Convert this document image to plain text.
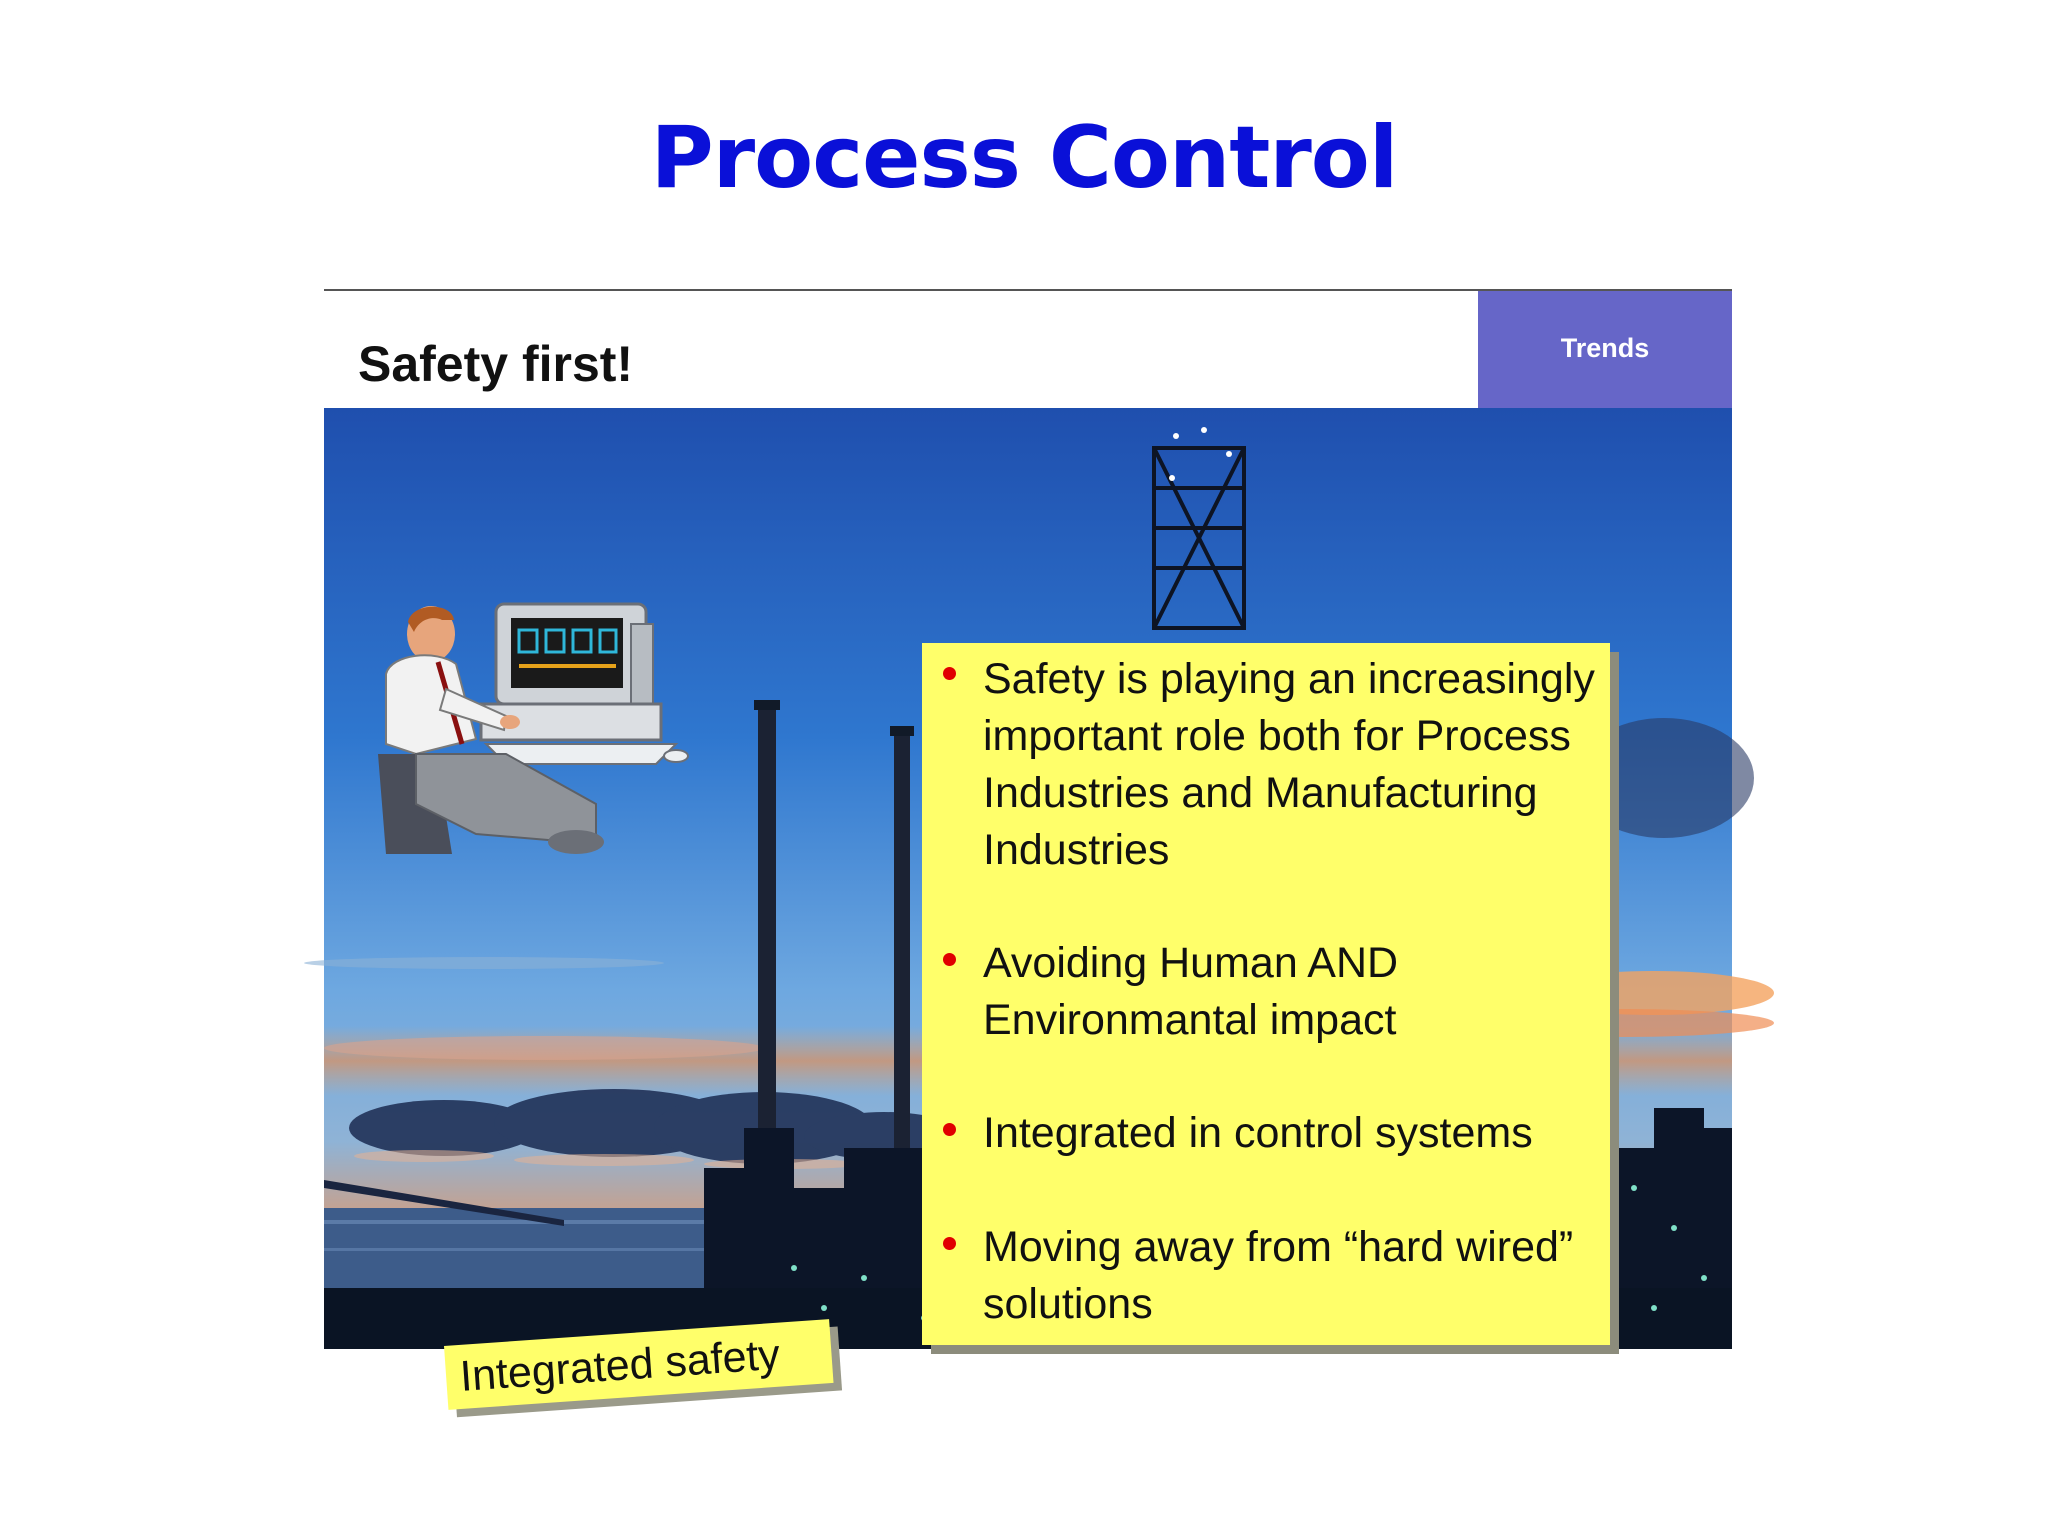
Process Control
Safety first!	Trends
Safety is playing an increasingly important role both for Process Industries and Manufacturing Industries
Avoiding Human AND Environmantal impact
Integrated in control systems
Moving away from “hard wired” solutions
Integrated safety
